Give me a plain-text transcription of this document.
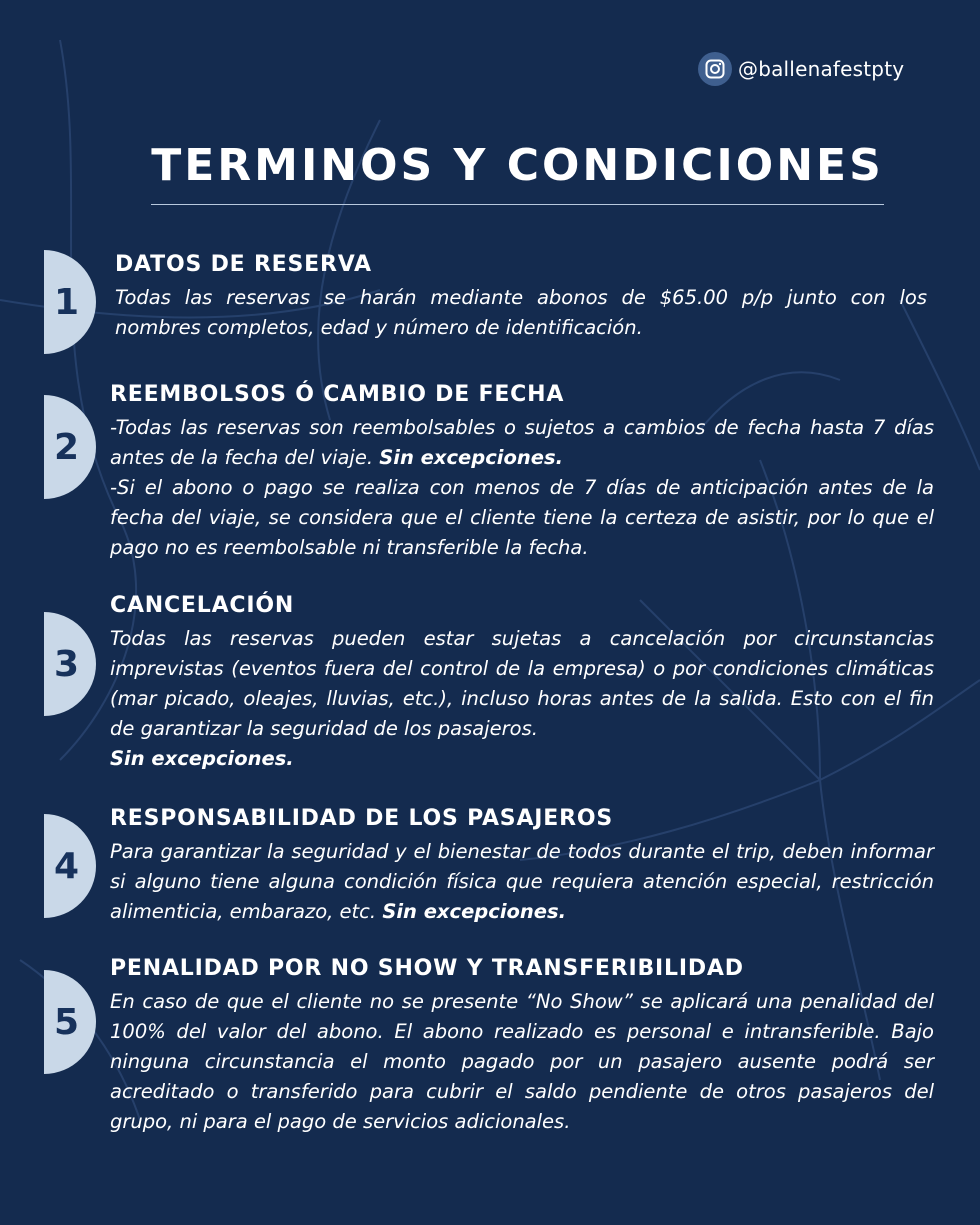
@ballenafestpty
TERMINOS Y CONDICIONES
1
DATOS DE RESERVA

Todas las reservas se harán mediante abonos de $65.00 p/p junto con los nombres completos, edad y número de identificación.

2
REEMBOLSOS Ó CAMBIO DE FECHA

-Todas las reservas son reembolsables o sujetos a cambios de fecha hasta 7 días antes de la fecha del viaje. Sin excepciones.

-Si el abono o pago se realiza con menos de 7 días de anticipación antes de la fecha del viaje, se considera que el cliente tiene la certeza de asistir, por lo que el pago no es reembolsable ni transferible la fecha.

3
CANCELACIÓN

Todas las reservas pueden estar sujetas a cancelación por circunstancias imprevistas (eventos fuera del control de la empresa) o por condiciones climáticas (mar picado, oleajes, lluvias, etc.), incluso horas antes de la salida. Esto con el fin de garantizar la seguridad de los pasajeros.
Sin excepciones.

4
RESPONSABILIDAD DE LOS PASAJEROS

Para garantizar la seguridad y el bienestar de todos durante el trip, deben informar si alguno tiene alguna condición física que requiera atención especial, restricción alimenticia, embarazo, etc. Sin excepciones.

5
PENALIDAD POR NO SHOW Y TRANSFERIBILIDAD

En caso de que el cliente no se presente “No Show” se aplicará una penalidad del 100% del valor del abono. El abono realizado es personal e intransferible. Bajo ninguna circunstancia el monto pagado por un pasajero ausente podrá ser acreditado o transferido para cubrir el saldo pendiente de otros pasajeros del grupo, ni para el pago de servicios adicionales.
